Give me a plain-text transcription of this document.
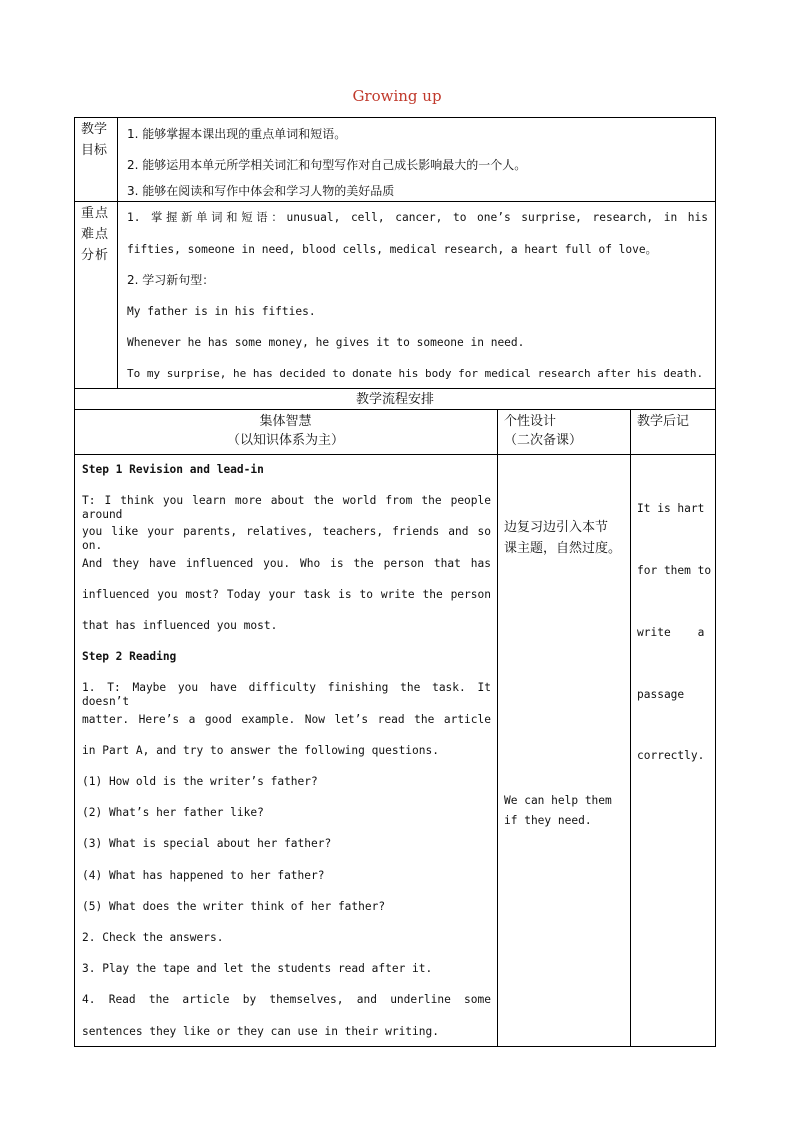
Growing up
教学
目标
1. 能够掌握本课出现的重点单词和短语。
2. 能够运用本单元所学相关词汇和句型写作对自己成长影响最大的一个人。
3. 能够在阅读和写作中体会和学习人物的美好品质
重点
难点
分析
1. 掌握新单词和短语：unusual, cell, cancer, to one’s surprise, research, in his
fifties, someone in need, blood cells, medical research, a heart full of love。
2. 学习新句型：
My father is in his fifties.
Whenever he has some money, he gives it to someone in need.
To my surprise, he has decided to donate his body for medical research after his death.
教学流程安排
集体智慧
（以知识体系为主）
个性设计
（二次备课）
教学后记
Step 1 Revision and lead-in
T: I think you learn more about the world from the people around
you like your parents, relatives, teachers, friends and so on.
And they have influenced you. Who is the person that has
influenced you most? Today your task is to write the person
that has influenced you most.
Step 2 Reading
1. T: Maybe you have difficulty finishing the task. It doesn’t
matter. Here’s a good example. Now let’s read the article
in Part A, and try to answer the following questions.
(1) How old is the writer’s father?
(2) What’s her father like?
(3) What is special about her father?
(4) What has happened to her father?
(5) What does the writer think of her father?
2. Check the answers.
3. Play the tape and let the students read after it.
4. Read the article by themselves, and underline some
sentences they like or they can use in their writing.
边复习边引入本节
课主题，自然过度。
We can help them
if they need.

It is hart

for them to

write    a

passage

correctly.
